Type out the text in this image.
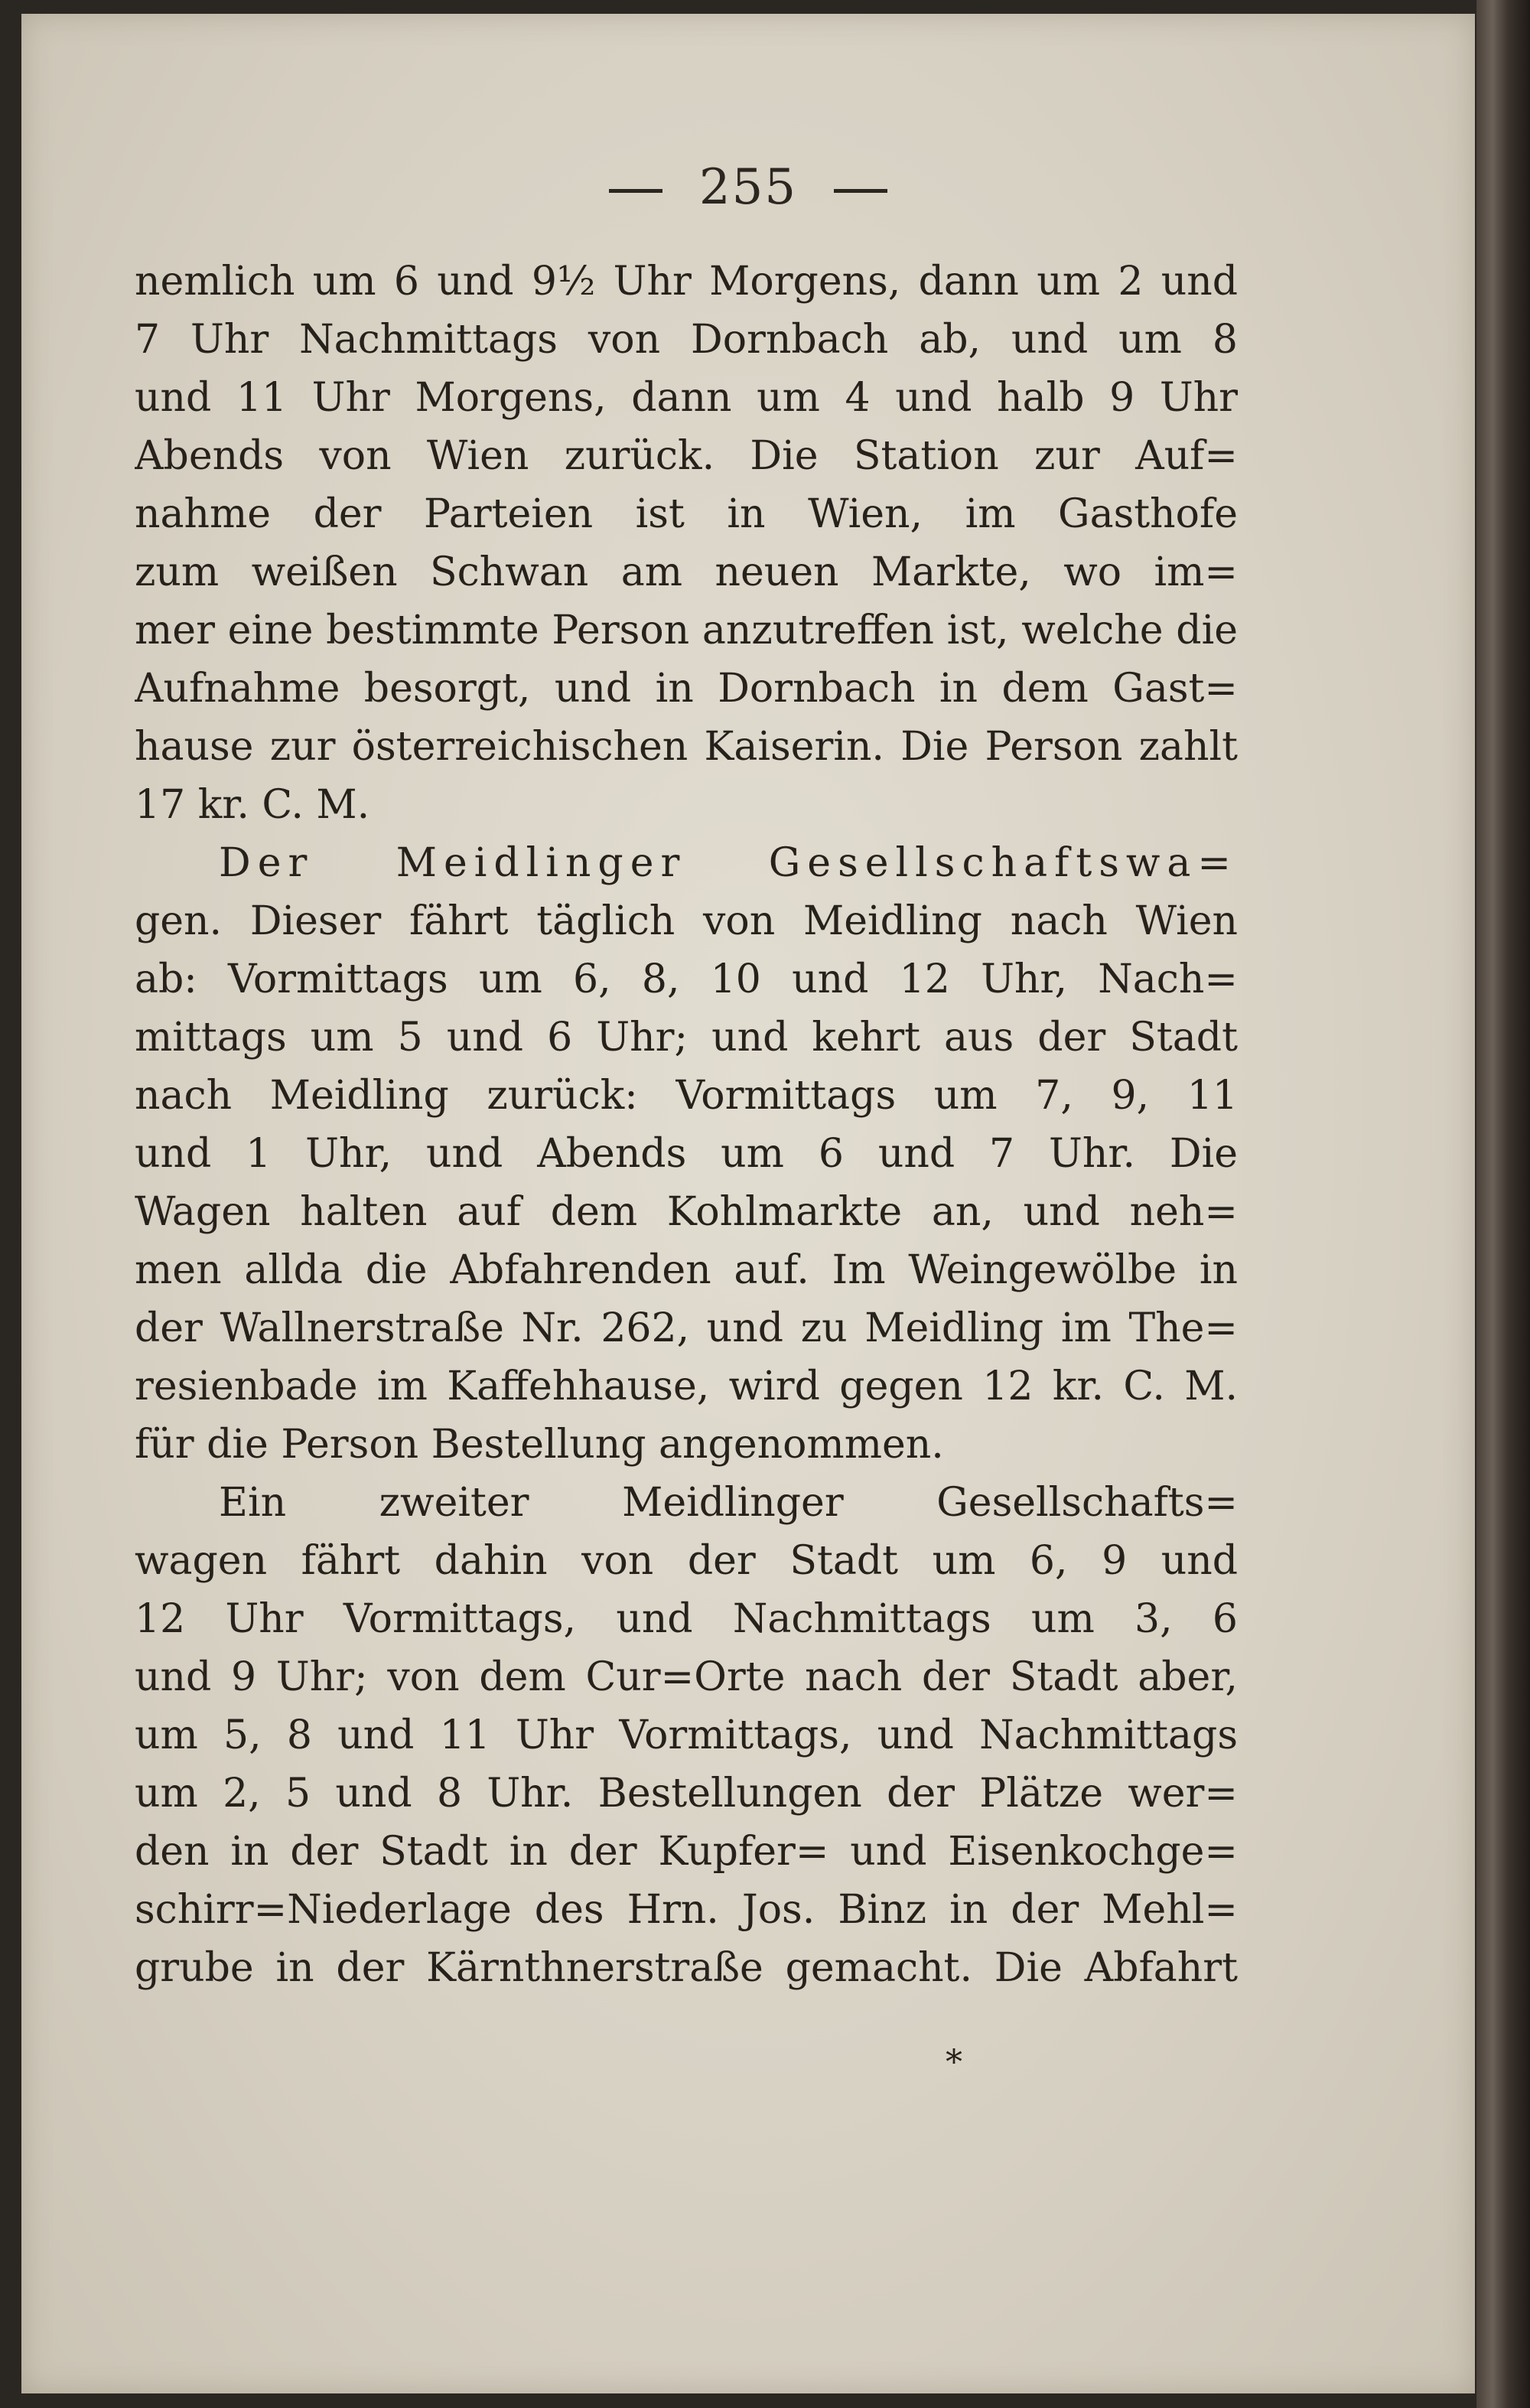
255
nemlich um 6 und 9½ Uhr Morgens, dann um 2 und
7 Uhr Nachmittags von Dornbach ab, und um 8
und 11 Uhr Morgens, dann um 4 und halb 9 Uhr
Abends von Wien zurück. Die Station zur Auf=
nahme der Parteien ist in Wien, im Gasthofe
zum weißen Schwan am neuen Markte, wo im=
mer eine bestimmte Person anzutreffen ist, welche die
Aufnahme besorgt, und in Dornbach in dem Gast=
hause zur österreichischen Kaiserin. Die Person zahlt
17 kr. C. M.
Der Meidlinger Gesellschaftswa=
gen. Dieser fährt täglich von Meidling nach Wien
ab: Vormittags um 6, 8, 10 und 12 Uhr, Nach=
mittags um 5 und 6 Uhr; und kehrt aus der Stadt
nach Meidling zurück: Vormittags um 7, 9, 11
und 1 Uhr, und Abends um 6 und 7 Uhr. Die
Wagen halten auf dem Kohlmarkte an, und neh=
men allda die Abfahrenden auf. Im Weingewölbe in
der Wallnerstraße Nr. 262, und zu Meidling im The=
resienbade im Kaffehhause, wird gegen 12 kr. C. M.
für die Person Bestellung angenommen.
Ein zweiter Meidlinger Gesellschafts=
wagen fährt dahin von der Stadt um 6, 9 und
12 Uhr Vormittags, und Nachmittags um 3, 6
und 9 Uhr; von dem Cur=Orte nach der Stadt aber,
um 5, 8 und 11 Uhr Vormittags, und Nachmittags
um 2, 5 und 8 Uhr. Bestellungen der Plätze wer=
den in der Stadt in der Kupfer= und Eisenkochge=
schirr=Niederlage des Hrn. Jos. Binz in der Mehl=
grube in der Kärnthnerstraße gemacht. Die Abfahrt
*
